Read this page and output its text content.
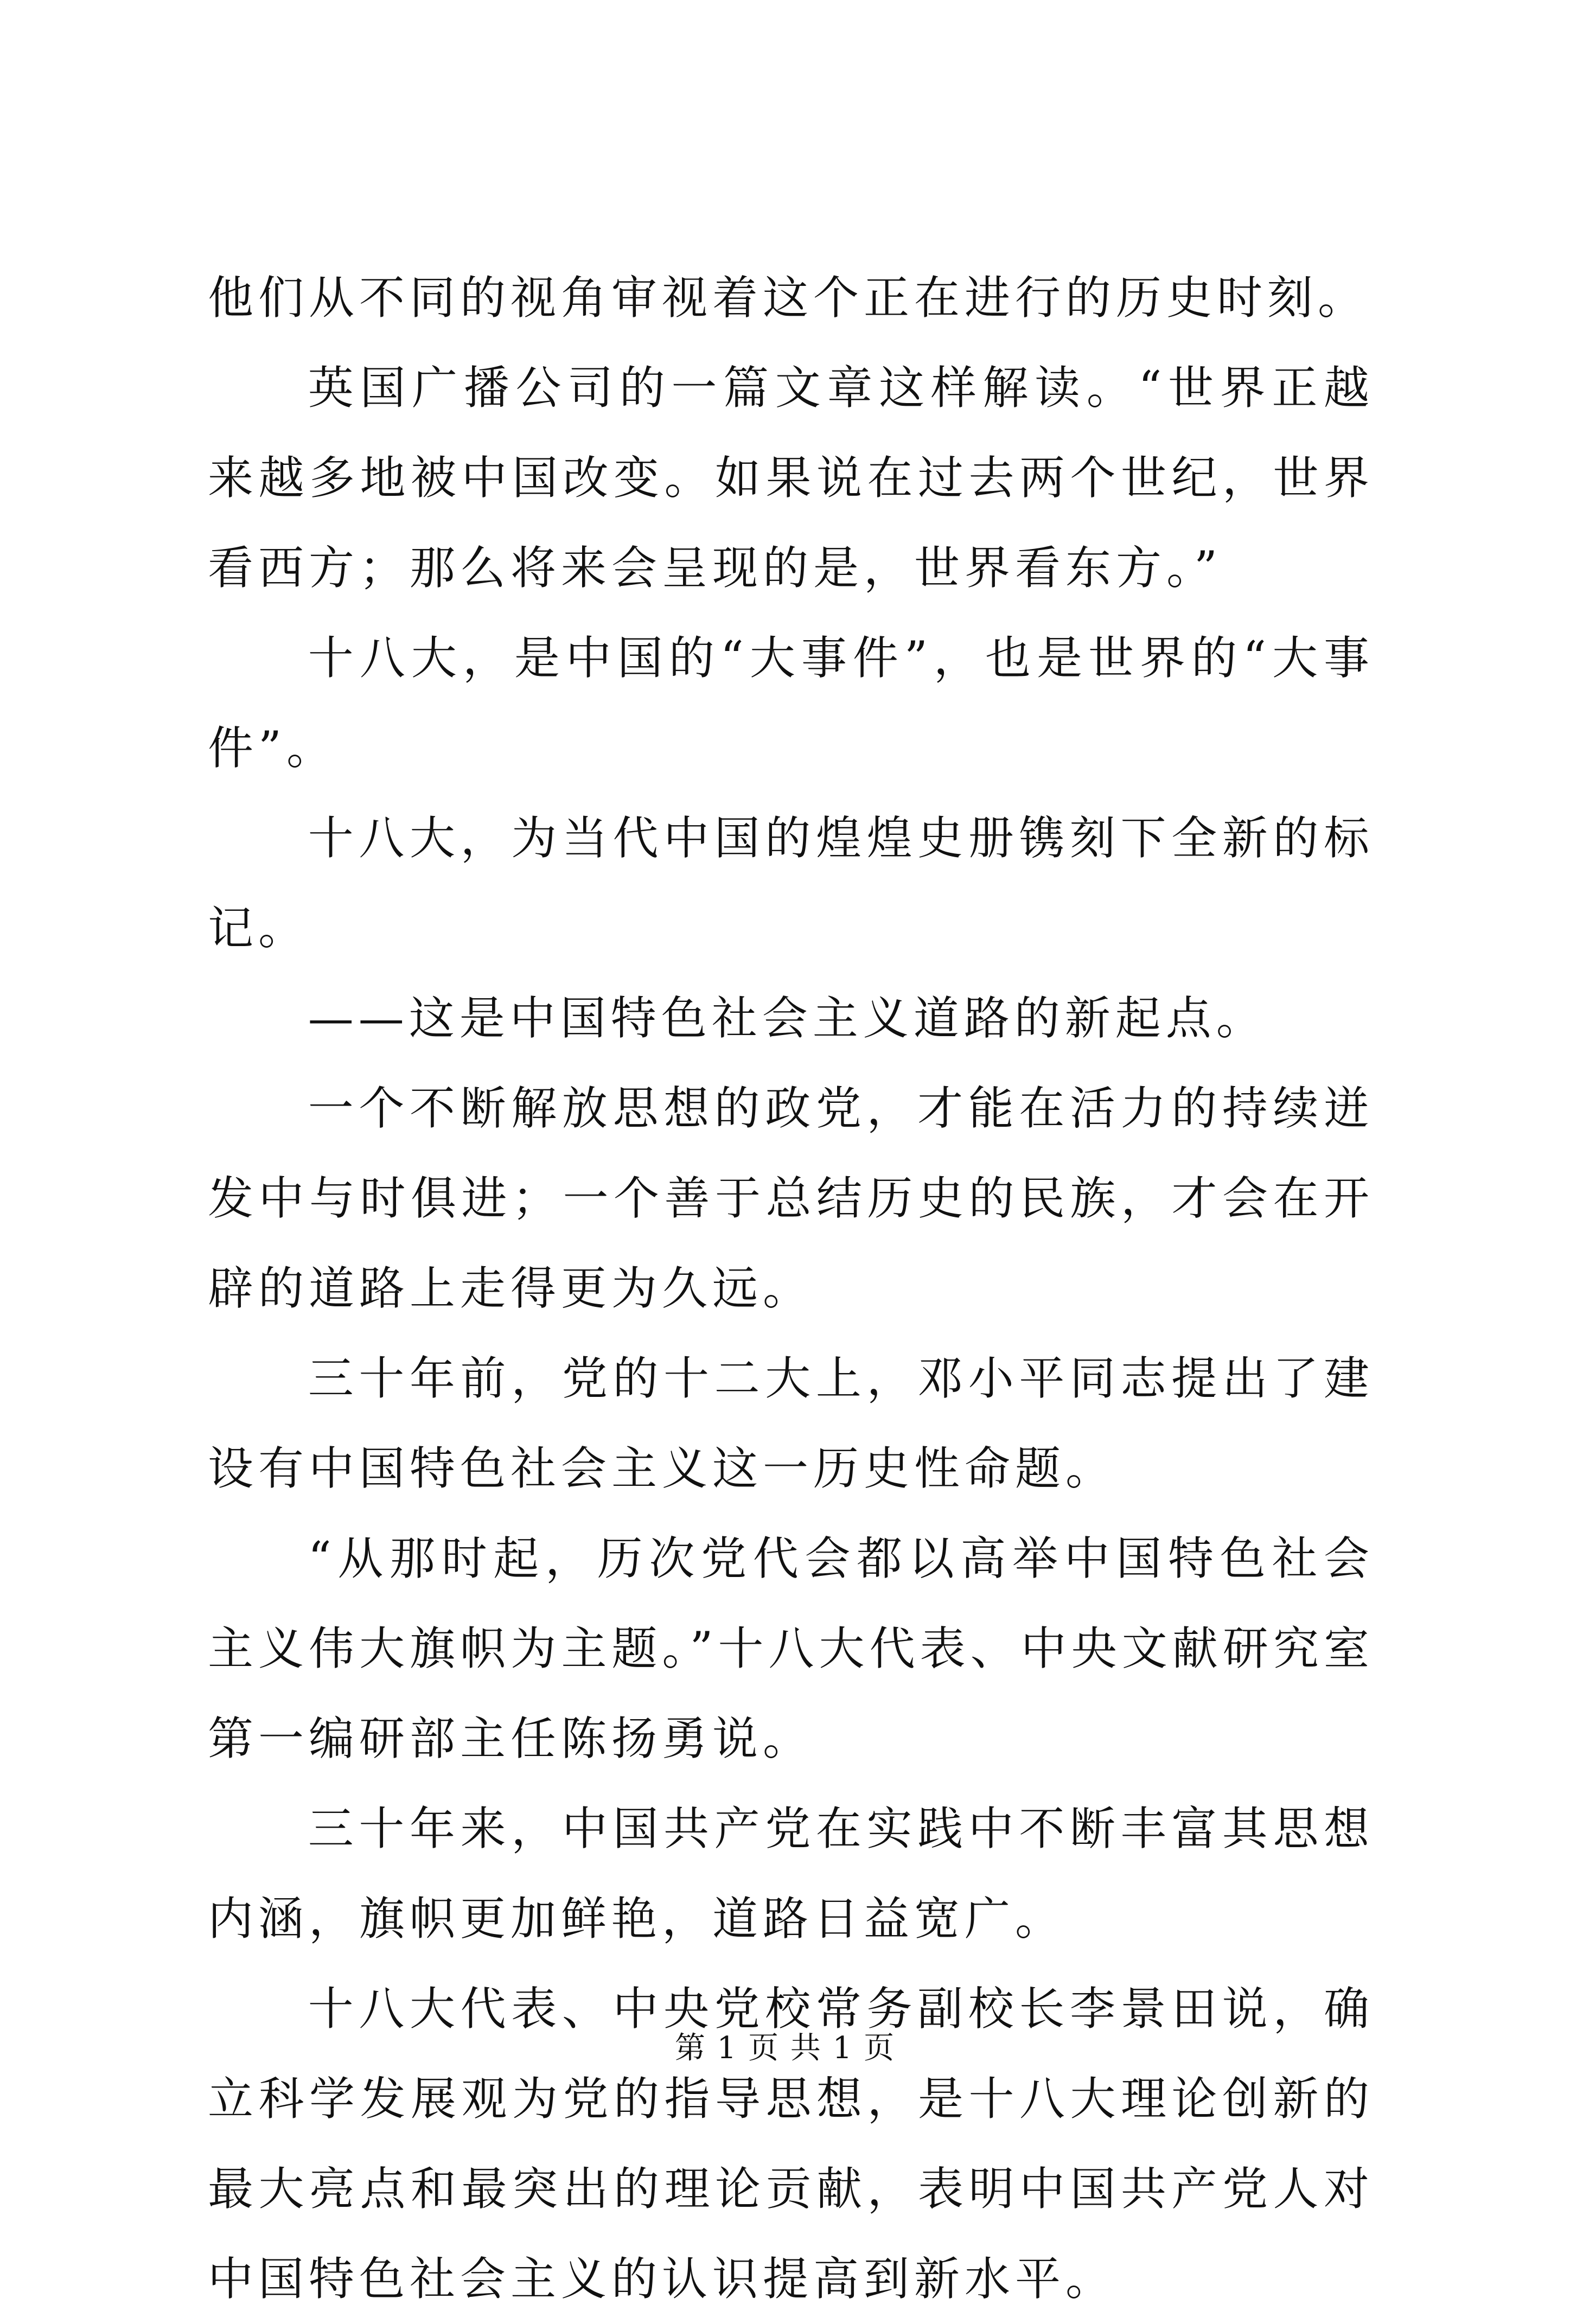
他们从不同的视角审视着这个正在进行的历史时刻。

英国广播公司的一篇文章这样解读。“世界正越来越多地被中国改变。如果说在过去两个世纪，世界看西方；那么将来会呈现的是，世界看东方。”

十八大，是中国的“大事件”，也是世界的“大事件”。

十八大，为当代中国的煌煌史册镌刻下全新的标记。

——这是中国特色社会主义道路的新起点。

一个不断解放思想的政党，才能在活力的持续迸发中与时俱进；一个善于总结历史的民族，才会在开辟的道路上走得更为久远。

三十年前，党的十二大上，邓小平同志提出了建设有中国特色社会主义这一历史性命题。

“从那时起，历次党代会都以高举中国特色社会主义伟大旗帜为主题。”十八大代表、中央文献研究室第一编研部主任陈扬勇说。

三十年来，中国共产党在实践中不断丰富其思想内涵，旗帜更加鲜艳，道路日益宽广。

十八大代表、中央党校常务副校长李景田说，确立科学发展观为党的指导思想，是十八大理论创新的最大亮点和最突出的理论贡献，表明中国共产党人对中国特色社会主义的认识提高到新水平。

第 1 页 共 1 页
